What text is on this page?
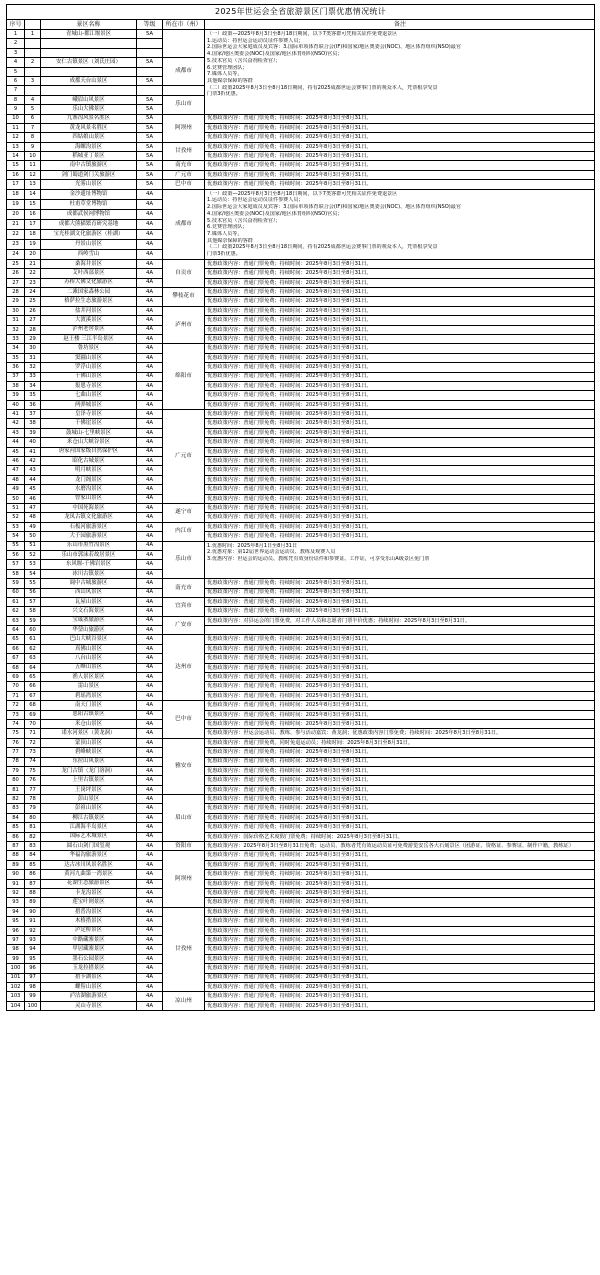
2025年世运会全省旅游景区门票优惠情况统计					
序号		景区名称	等级	所在市（州）	备注
1	1	青城山-都江堰景区	5A		（一）政策—2025年8月3日至8月18日期间，以下7类客群可凭相关证件免费退景区
1.运动员：持世运会运动员证件参赛人员；
2.国际世运会大家庭成员及宾客：3.国际单项体育联合会(IF)和国家/地区奥委会(NOC)、地区体育组织(NSO)最官
4.国家/地区奥委会(NOC)及国家/地区体育组织(NSO)官员；
5.技术官员（含兴奋剂检查官）；
6.竞赛管理团队；
7.媒体人员等，
其他媒奈保障的客群
（二）政策2025年8月3日至8月18日期间，持有2025成都世运会赛事门票的观众本人，凭票根享受景
门票3折优惠。

2					
3					
4	2	安仁古镇景区（刘氏庄园）	5A	成都市	
5					
6	3	成都天台山景区	5A		
7					
8	4	峨眉山风景区	5A	乐山市	
9	5	乐山大佛景区	5A		
10	6	九寨沟风景名胜区	5A	阿坝州	优惠政策内容：普通门票免费；持续时间：2025年8月3日至8月31日。
11	7	黄龙风景名胜区	5A		优惠政策内容：普通门票免费；持续时间：2025年8月3日至8月31日。
12	8	四姑娘山景区	5A		优惠政策内容：普通门票免费；持续时间：2025年8月3日至8月31日。
13	9	海螺沟景区	5A	甘孜州	优惠政策内容：普通门票免费；持续时间：2025年8月3日至8月31日。
14	10	稻城亚丁景区	5A		优惠政策内容：普通门票免费；持续时间：2025年8月3日至8月31日。
15	11	南中古镇旅游区	5A	南充市	优惠政策内容：普通门票免费；持续时间：2025年8月3日至8月31日。
16	12	剑门蜀道剑门关旅游区	5A	广元市	优惠政策内容：普通门票免费；持续时间：2025年8月3日至8月31日。
17	13	光雾山景区	5A	巴中市	优惠政策内容：普通门票免费；持续时间：2025年8月3日至8月31日。
18	14	金沙遗址博物馆	4A	成都市	
（一）政策—2025年8月3日至8月18日期间，以下7类客群可凭相关证件免费退景区
1.运动员：持世运会运动员证件参赛人员；
2.国际世运会大家庭成员及宾客：3.国际单项体育联合会(IF)和国家/地区奥委会(NOC)、地区体育组织(NSO)最官
4.国家/地区奥委会(NOC)及国家/地区体育组织(NSO)官员；
5.技术官员（含兴奋剂检查官）；
6.竞赛管理团队；
7.媒体人员等，
其他媒奈保障的客群
（二）政策2025年8月3日至8月18日期间，持有2025成都世运会赛事门票的观众本人，凭票根享受景
门票3折优惠。

19	15	杜甫草堂博物馆	4A		
20	16	成都武侯祠博物馆	4A		
21	17	成都大熊猫繁育研究基地	4A		
22	18	宝光桂湖文化旅游区（桂湖）	4A		
23	19	丹景山景区	4A		
24	20	西岭雪山	4A		
25	21	桑海井景区	4A	自贡市	优惠政策内容：普通门票免费；持续时间：2025年8月3日至8月31日。
26	22	艾叶西部景区	4A		优惠政策内容：普通门票免费；持续时间：2025年8月3日至8月31日。
27	23	苏桥大佛文化旅游区	4A		优惠政策内容：普通门票免费；持续时间：2025年8月3日至8月31日。
28	24	二滩国家森林公园	4A	攀枝花市	优惠政策内容：普通门票免费；持续时间：2025年8月3日至8月31日。
29	25	格萨拉生态旅游景区	4A		优惠政策内容：普通门票免费；持续时间：2025年8月3日至8月31日。
30	26	盐井河景区	4A	泸州市	优惠政策内容：普通门票免费；持续时间：2025年8月3日至8月31日。
31	27	大渡溪景区	4A		优惠政策内容：普通门票免费；持续时间：2025年8月3日至8月31日。
32	28	泸州老窖景区	4A		优惠政策内容：普通门票免费；持续时间：2025年8月3日至8月31日。
33	29	赵王楼 三江半岛景区	4A		优惠政策内容：普通门票免费；持续时间：2025年8月3日至8月31日。
34	30	鲁坊景区	4A	绵阳市	优惠政策内容：普通门票免费；持续时间：2025年8月3日至8月31日。
35	31	窦圌山景区	4A		优惠政策内容：普通门票免费；持续时间：2025年8月3日至8月31日。
36	32	罗浮山景区	4A		优惠政策内容：普通门票免费；持续时间：2025年8月3日至8月31日。
37	33	千佛山景区	4A		优惠政策内容：普通门票免费；持续时间：2025年8月3日至8月31日。
38	34	报恩寺景区	4A		优惠政策内容：普通门票免费；持续时间：2025年8月3日至8月31日。
39	35	七曲山景区	4A		优惠政策内容：普通门票免费；持续时间：2025年8月3日至8月31日。
40	36	两弹城景区	4A		优惠政策内容：普通门票免费；持续时间：2025年8月3日至8月31日。
41	37	皇泽寺景区	4A	广元市	优惠政策内容：普通门票免费；持续时间：2025年8月3日至8月31日。
42	38	千佛崖景区	4A		优惠政策内容：普通门票免费；持续时间：2025年8月3日至8月31日。
43	39	鼓城山-七里峡景区	4A		优惠政策内容：普通门票免费；持续时间：2025年8月3日至8月31日。
44	40	米仓山大峡谷景区	4A		优惠政策内容：普通门票免费；持续时间：2025年8月3日至8月31日。
45	41	唐家河国家级自然保护区	4A		优惠政策内容：普通门票免费；持续时间：2025年8月3日至8月31日。
46	42	昭化古城景区	4A		优惠政策内容：普通门票免费；持续时间：2025年8月3日至8月31日。
47	43	明月峡景区	4A		优惠政策内容：普通门票免费；持续时间：2025年8月3日至8月31日。
48	44	龙门阁景区	4A		优惠政策内容：普通门票免费；持续时间：2025年8月3日至8月31日。
49	45	水磨沟景区	4A		优惠政策内容：普通门票免费；持续时间：2025年8月3日至8月31日。
50	46	曾家山景区	4A		优惠政策内容：普通门票免费；持续时间：2025年8月3日至8月31日。
51	47	中国死海景区	4A	遂宁市	优惠政策内容：普通门票免费；持续时间：2025年8月3日至8月31日。
52	48	龙凤古镇文化旅游区	4A		优惠政策内容：普通门票免费；持续时间：2025年8月3日至8月31日。
53	49	石板河旅游景区	4A	内江市	优惠政策内容：普通门票免费；持续时间：2025年8月3日至8月31日。
54	50	大千园旅游景区	4A		优惠政策内容：普通门票免费；持续时间：2025年8月3日至8月31日。
55	51	乐山市黑竹沟景区	4A	乐山市	1.优惠时间：2025年8月1日至8月31日
2.优惠对象：第12届世界运动会运动员、教练及观赛人员
3.优惠内容：世运会的运动员、教练凭有效身份证件和参赛证、工作证，可享受乐山A级景区免门票

56	52	乐山市郭沫若故居景区	4A		
57	53	东风堰-千佛岩景区	4A		
58	54	冰川古镇景区	4A		
59	55	阆中古城旅游区	4A	南充市	优惠政策内容：普通门票免费；持续时间：2025年8月3日至8月31日。
60	56	西山风景区	4A		优惠政策内容：普通门票免费；持续时间：2025年8月3日至8月31日。
61	57	瓦屋山景区	4A	宜宾市	优惠政策内容：普通门票免费；持续时间：2025年8月3日至8月31日。
62	58	兴文石海景区	4A		优惠政策内容：普通门票免费；持续时间：2025年8月3日至8月31日。
63	59	宝箴塞旅游区	4A	广安市	优惠政策内容：对县运会的门票免费，对工作人员和志愿者门票半价优惠；持续时间：2025年8月3日至8月31日。
64	60	华蓥山旅游区	4A		
65	61	巴山大峡谷景区	4A	达州市	优惠政策内容：普通门票免费；持续时间：2025年8月3日至8月31日。
66	62	真佛山景区	4A		优惠政策内容：普通门票免费；持续时间：2025年8月3日至8月31日。
67	63	八台山景区	4A		优惠政策内容：普通门票免费；持续时间：2025年8月3日至8月31日。
68	64	五峰山景区	4A		优惠政策内容：普通门票免费；持续时间：2025年8月3日至8月31日。
69	65	渔人景区景区	4A		优惠政策内容：普通门票免费；持续时间：2025年8月3日至8月31日。
70	66	雷山景区	4A		优惠政策内容：普通门票免费；持续时间：2025年8月3日至8月31日。
71	67	碧瑶湾景区	4A		优惠政策内容：普通门票免费；持续时间：2025年8月3日至8月31日。
72	68	南天门景区	4A	巴中市	优惠政策内容：普通门票免费；持续时间：2025年8月3日至8月31日。
73	69	恩阳古镇景区	4A		优惠政策内容：普通门票免费；持续时间：2025年8月3日至8月31日。
74	70	米仓山景区	4A		优惠政策内容：普通门票免费；持续时间：2025年8月3日至8月31日。
75	71	诺水河景区（黄龙洞）	4A		优惠政策内容：世运会运动员、教练、参与活动嘉宾：黄龙洞；优惠政策内容门票免费；持续时间：2025年8月3日至8月31日。
76	72	蒙顶山景区	4A	雅安市	优惠政策内容：普通门票免费。同时免退运动员；持续时间：2025年8月3日至8月31日。
77	73	碧峰峡景区	4A		优惠政策内容：普通门票免费；持续时间：2025年8月3日至8月31日。
78	74	东拉山风景区	4A		优惠政策内容：普通门票免费；持续时间：2025年8月3日至8月31日。
79	75	龙门古镇（龙门溶洞）	4A		优惠政策内容：普通门票免费；持续时间：2025年8月3日至8月31日。
80	76	上里古镇景区	4A		优惠政策内容：普通门票免费；持续时间：2025年8月3日至8月31日。
81	77	王岗坪景区	4A		优惠政策内容：普通门票免费；持续时间：2025年8月3日至8月31日。
82	78	彭山景区	4A	眉山市	优惠政策内容：普通门票免费；持续时间：2025年8月3日至8月31日。
83	79	彭祖山景区	4A		优惠政策内容：普通门票免费；持续时间：2025年8月3日至8月31日。
84	80	柳江古镇景区	4A		优惠政策内容：普通门票免费；持续时间：2025年8月3日至8月31日。
85	81	江湖海半岛景区	4A		优惠政策内容：普通门票免费；持续时间：2025年8月3日至8月31日。
86	82	国际艺术城景区	4A		优惠政策内容：国际价格艺术度假门票免费；持续时间：2025年8月3日至8月31日。
87	83	圆石山剑门国玺观	4A	资阳市	优惠政策内容：2025年8月3日至8月31日免费；运动员、教练者凭有效运动员证可免费游览安岳各大石刻景区（团游证、资格证、参赛证、制作户籍，教练证）
88	84	华福沟旅游景区	4A	阿坝州	优惠政策内容：普通门票免费；持续时间：2025年8月3日至8月31日。
89	85	达古冰川风景名胜区	4A		优惠政策内容：普通门票免费；持续时间：2025年8月3日至8月31日。
90	86	黄河九曲第一湾景区	4A		优惠政策内容：普通门票免费；持续时间：2025年8月3日至8月31日。
91	87	花湖生态旅游景区	4A		优惠政策内容：普通门票免费；持续时间：2025年8月3日至8月31日。
92	88	卡龙沟景区	4A		优惠政策内容：普通门票免费；持续时间：2025年8月3日至8月31日。
93	89	莲宝叶则景区	4A		优惠政策内容：普通门票免费；持续时间：2025年8月3日至8月31日。
94	90	措普沟景区	4A	甘孜州	优惠政策内容：普通门票免费；持续时间：2025年8月3日至8月31日。
95	91	木格措景区	4A		优惠政策内容：普通门票免费；持续时间：2025年8月3日至8月31日。
96	92	泸定桥景区	4A		优惠政策内容：普通门票免费；持续时间：2025年8月3日至8月31日。
97	93	中路藏寨景区	4A		优惠政策内容：普通门票免费；持续时间：2025年8月3日至8月31日。
98	94	甲居藏寨景区	4A		优惠政策内容：普通门票免费；持续时间：2025年8月3日至8月31日。
99	95	墨石公园景区	4A		优惠政策内容：普通门票免费；持续时间：2025年8月3日至8月31日。
100	96	玉龙拉措景区	4A		优惠政策内容：普通门票免费；持续时间：2025年8月3日至8月31日。
101	97	措卡湖景区	4A		优惠政策内容：普通门票免费；持续时间：2025年8月3日至8月31日。
102	98	螺髻山景区	4A		优惠政策内容：普通门票免费；持续时间：2025年8月3日至8月31日。
103	99	泸沽湖旅游景区	4A	凉山州	优惠政策内容：普通门票免费；持续时间：2025年8月3日至8月31日。
104	100	灵山寺景区	4A		优惠政策内容：普通门票免费；持续时间：2025年8月3日至8月31日。
